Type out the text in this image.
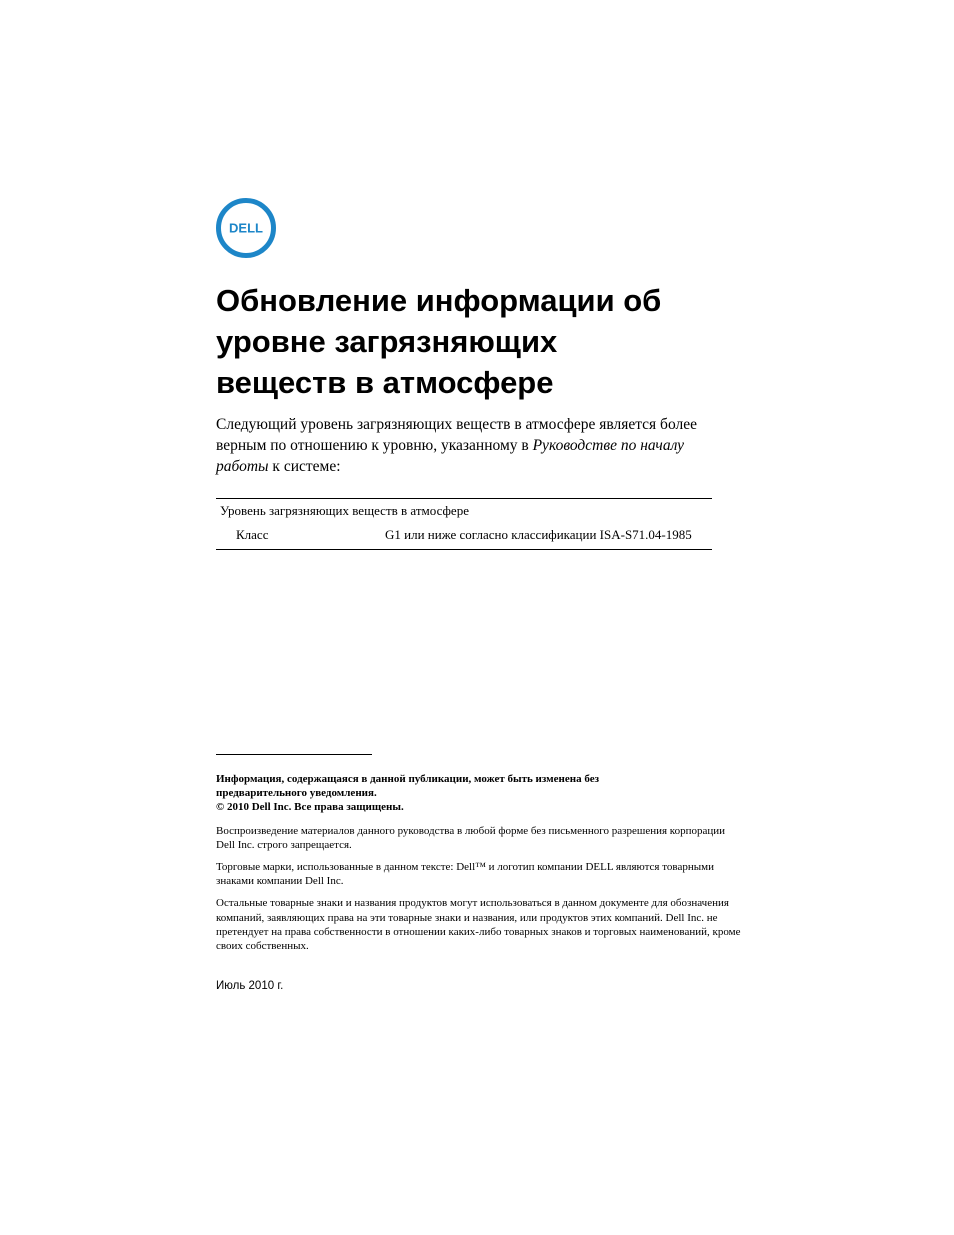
DELL
Обновление информации об
уровне загрязняющих
веществ в атмосфере
Следующий уровень загрязняющих веществ в атмосфере является более верным по отношению к уровню, указанному в Руководстве по началу работы к системе:
Уровень загрязняющих веществ в атмосфере
Класс	G1 или ниже согласно классификации ISA-S71.04-1985

Информация, содержащаяся в данной публикации, может быть изменена без
предварительного уведомления.
© 2010 Dell Inc. Все права защищены.

Воспроизведение материалов данного руководства в любой форме без письменного разрешения корпорации Dell Inc. строго запрещается.

Торговые марки, использованные в данном тексте: Dell™ и логотип компании DELL являются товарными знаками компании Dell Inc.

Остальные товарные знаки и названия продуктов могут использоваться в данном документе для обозначения компаний, заявляющих права на эти товарные знаки и названия, или продуктов этих компаний. Dell Inc. не претендует на права собственности в отношении каких-либо товарных знаков и торговых наименований, кроме своих собственных.

Июль 2010 г.
